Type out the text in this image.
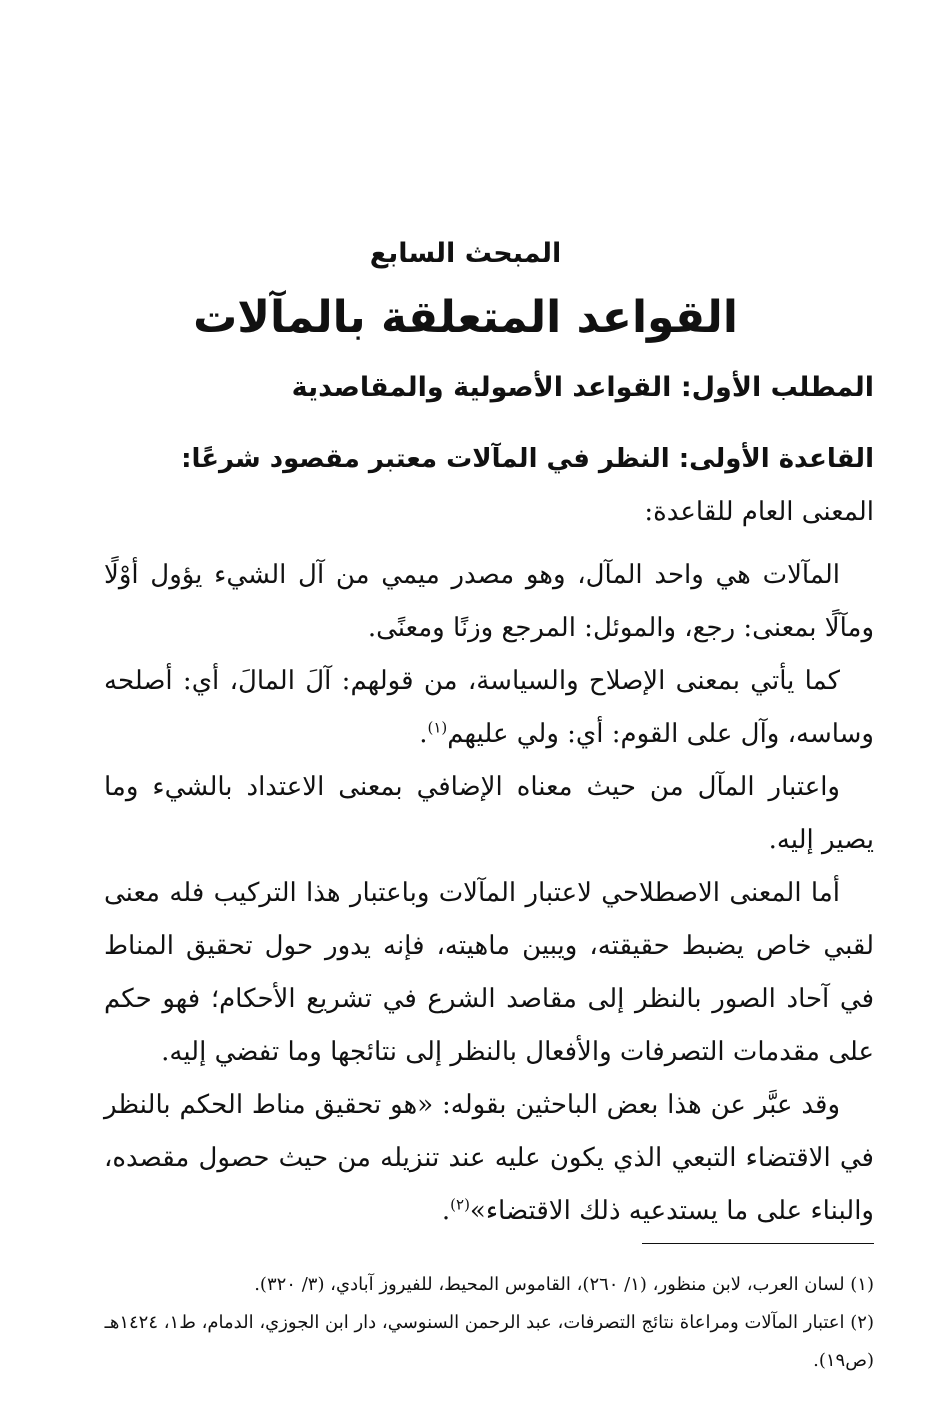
المبحث السابع
القواعد المتعلقة بالمآلات
المطلب الأول: القواعد الأصولية والمقاصدية
القاعدة الأولى: النظر في المآلات معتبر مقصود شرعًا:
المعنى العام للقاعدة:

المآلات هي واحد المآل، وهو مصدر ميمي من آل الشيء يؤول أوْلًا ومآلًا بمعنى: رجع، والموئل: المرجع وزنًا ومعنًى.

كما يأتي بمعنى الإصلاح والسياسة، من قولهم: آلَ المالَ، أي: أصلحه وساسه، وآل على القوم: أي: ولي عليهم$^{(١)}$.

واعتبار المآل من حيث معناه الإضافي بمعنى الاعتداد بالشيء وما يصير إليه.

أما المعنى الاصطلاحي لاعتبار المآلات وباعتبار هذا التركيب فله معنى لقبي خاص يضبط حقيقته، ويبين ماهيته، فإنه يدور حول تحقيق المناط في آحاد الصور بالنظر إلى مقاصد الشرع في تشريع الأحكام؛ فهو حكم على مقدمات التصرفات والأفعال بالنظر إلى نتائجها وما تفضي إليه.

وقد عبَّر عن هذا بعض الباحثين بقوله: «هو تحقيق مناط الحكم بالنظر في الاقتضاء التبعي الذي يكون عليه عند تنزيله من حيث حصول مقصده، والبناء على ما يستدعيه ذلك الاقتضاء»$^{(٢)}$.

(١) لسان العرب، لابن منظور، (١/ ٢٦٠)، القاموس المحيط، للفيروز آبادي، (٣/ ٣٢٠).

(٢) اعتبار المآلات ومراعاة نتائج التصرفات، عبد الرحمن السنوسي، دار ابن الجوزي، الدمام، ط١، ١٤٢٤هـ (ص١٩).
